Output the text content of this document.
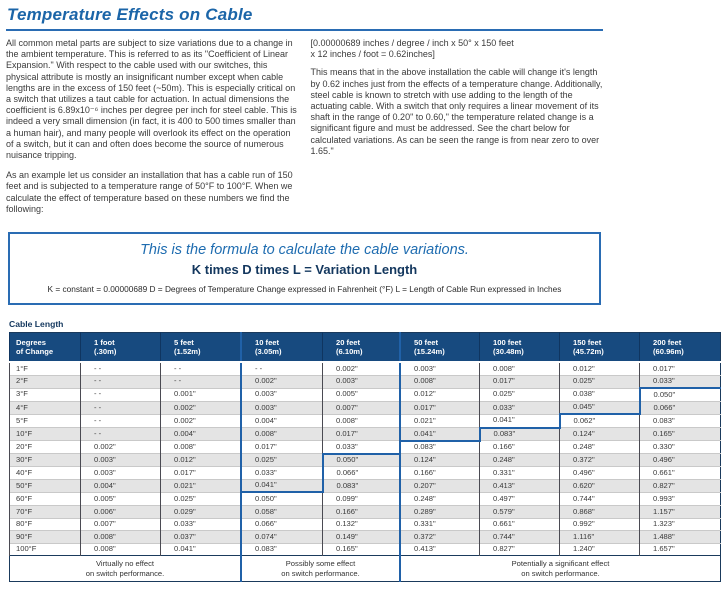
Temperature Effects on Cable

All common metal parts are subject to size variations due to a change in the ambient temperature. This is referred to as its "Coefficient of Linear Expansion." With respect to the cable used with our switches, this physical attribute is mostly an insignificant number except when cable lengths are in the excess of 150 feet (~50m). This is especially critical on a switch that utilizes a taut cable for actuation. In actual dimensions the coefficient is 6.89x10⁻⁶ inches per degree per inch for steel cable. This is indeed a very small dimension (in fact, it is 400 to 500 times smaller than a human hair), and many people will overlook its effect on the operation of a switch, but it can and often does become the source of numerous nuisance tripping.

As an example let us consider an installation that has a cable run of 150 feet and is subjected to a temperature range of 50°F to 100°F. When we calculate the effect of temperature based on these numbers we find the following:

[0.00000689 inches / degree / inch x 50° x 150 feet
x 12 inches / foot = 0.62inches]

This means that in the above installation the cable will change it's length by 0.62 inches just from the effects of a temperature change. Additionally, steel cable is known to stretch with use adding to the length of the actuating cable. With a switch that only requires a linear movement of its shaft in the range of 0.20" to 0.60," the temperature related change is a significant figure and must be addressed. See the chart below for calculated variations. As can be seen the range is from near zero to over 1.65."

This is the formula to calculate the cable variations.
K times D times L = Variation Length
K = constant = 0.00000689 D = Degrees of Temperature Change expressed in Fahrenheit (°F) L = Length of Cable Run expressed in Inches
Cable Length
Degrees
of Change

1 foot
(.30m)

5 feet
(1.52m)

10 feet
(3.05m)

20 feet
(6.10m)

50 feet
(15.24m)

100 feet
(30.48m)

150 feet
(45.72m)

200 feet
(60.96m)

1°F	- -	- -	- -	0.002"	0.003"	0.008"	0.012"	0.017"
2°F	- -	- -	0.002"	0.003"	0.008"	0.017"	0.025"	0.033"
3°F	- -	0.001"	0.003"	0.005"	0.012"	0.025"	0.038"	0.050"
4°F	- -	0.002"	0.003"	0.007"	0.017"	0.033"	0.045"	0.066"
5°F	- -	0.002"	0.004"	0.008"	0.021"	0.041"	0.062"	0.083"
10°F	- -	0.004"	0.008"	0.017"	0.041"	0.083"	0.124"	0.165"
20°F	0.002"	0.008"	0.017"	0.033"	0.083"	0.166"	0.248"	0.330"
30°F	0.003"	0.012"	0.025"	0.050"	0.124"	0.248"	0.372"	0.496"
40°F	0.003"	0.017"	0.033"	0.066"	0.166"	0.331"	0.496"	0.661"
50°F	0.004"	0.021"	0.041"	0.083"	0.207"	0.413"	0.620"	0.827"
60°F	0.005"	0.025"	0.050"	0.099"	0.248"	0.497"	0.744"	0.993"
70°F	0.006"	0.029"	0.058"	0.166"	0.289"	0.579"	0.868"	1.157"
80°F	0.007"	0.033"	0.066"	0.132"	0.331"	0.661"	0.992"	1.323"
90°F	0.008"	0.037"	0.074"	0.149"	0.372"	0.744"	1.116"	1.488"
100°F	0.008"	0.041"	0.083"	0.165"	0.413"	0.827"	1.240"	1.657"

Virtually no effect
on switch performance.

Possibly some effect
on switch performance.

Potentially a significant effect
on switch performance.
